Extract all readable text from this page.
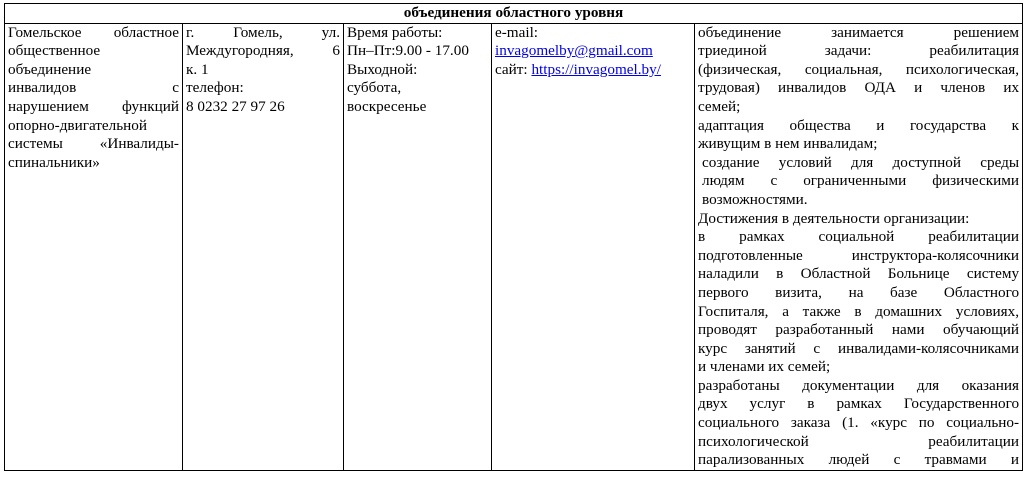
объединения областного уровня

Гомельское областное
общественное
объединение
инвалидов с
нарушением функций
опорно-двигательной
системы «Инвалиды-
спинальники»

г. Гомель, ул.
Междугородняя, 6
к. 1
телефон:
8 0232 27 97 26

Время работы:
Пн–Пт:9.00 - 17.00
Выходной:
суббота,
воскресенье

e-mail:
invagomelby@gmail.com
сайт: https://invagomel.by/

объединение занимается решением
триединой задачи: реабилитация
(физическая, социальная, психологическая,
трудовая) инвалидов ОДА и членов их
семей;
адаптация общества и государства к
живущим в нем инвалидам;
создание условий для доступной среды
людям с ограниченными физическими
возможностями.
Достижения в деятельности организации:
в рамках социальной реабилитации
подготовленные инструктора-колясочники
наладили в Областной Больнице систему
первого визита, на базе Областного
Госпиталя, а также в домашних условиях,
проводят разработанный нами обучающий
курс занятий с инвалидами-колясочниками
и членами их семей;
разработаны документации для оказания
двух услуг в рамках Государственного
социального заказа (1. «курс по социально-
психологической реабилитации
парализованных людей с травмами и
